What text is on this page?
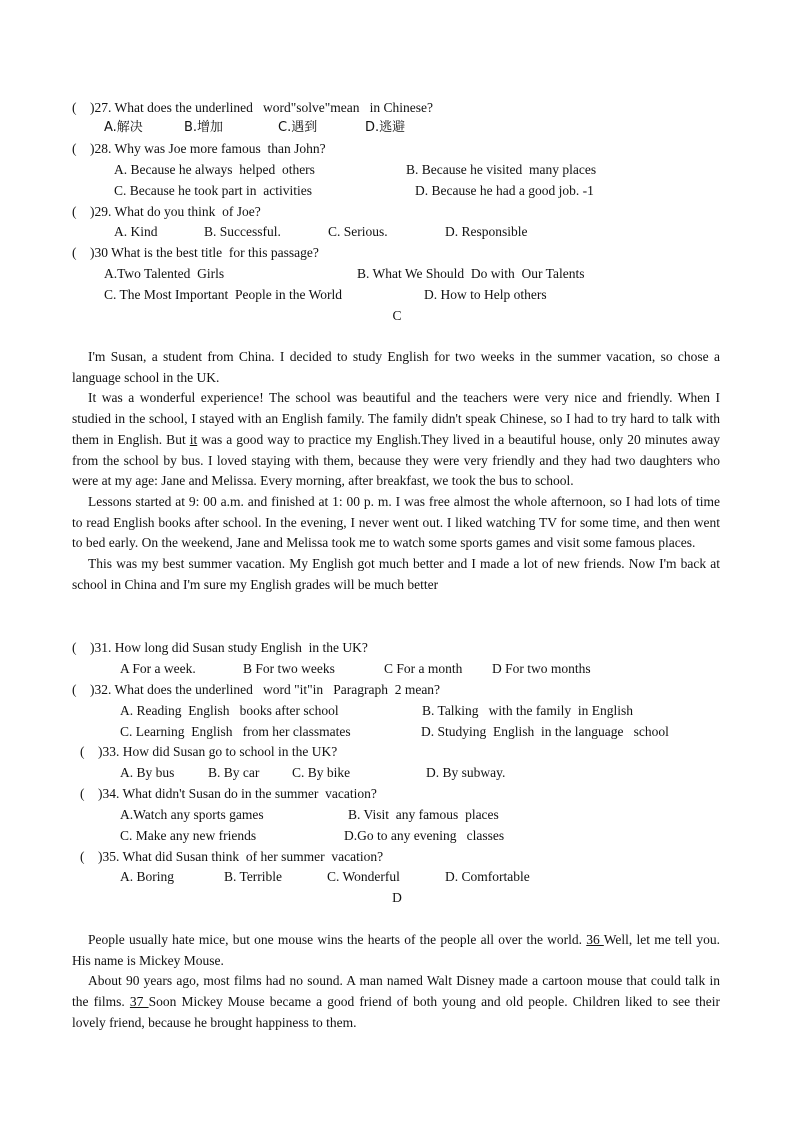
(    )27. What does the underlined   word"solve"mean   in Chinese?
A.解决	B.增加	C.遇到	D.逃避
(    )28. Why was Joe more famous  than John?
A. Because he always  helped  others	B. Because he visited  many places
C. Because he took part in  activities	D. Because he had a good job. -1
(    )29. What do you think  of Joe?
A. Kind	B. Successful.	C. Serious.	D. Responsible
(    )30 What is the best title  for this passage?
A.Two Talented  Girls	B. What We Should  Do with  Our Talents
C. The Most Important  People in the World	D. How to Help others
C

I'm Susan, a student from China. I decided to study English for two weeks in the summer vacation, so chose a language school in the UK.

It was a wonderful experience! The school was beautiful and the teachers were very nice and friendly. When I studied in the school, I stayed with an English family. The family didn't speak Chinese, so I had to try hard to talk with them in English. But it was a good way to practice my English.They lived in a beautiful house, only 20 minutes away from the school by bus. I loved staying with them, because they were very friendly and they had two daughters who were at my age: Jane and Melissa. Every morning, after breakfast, we took the bus to school.

Lessons started at 9: 00 a.m. and finished at 1: 00 p. m. I was free almost the whole afternoon, so I had lots of time to read English books after school. In the evening, I never went out. I liked watching TV for some time, and then went to bed early. On the weekend, Jane and Melissa took me to watch some sports games and visit some famous places.

This was my best summer vacation. My English got much better and I made a lot of new friends. Now I'm back at school in China and I'm sure my English grades will be much better

(    )31. How long did Susan study English  in the UK?
A For a week.	B For two weeks	C For a month D For two months
(    )32. What does the underlined   word "it"in   Paragraph  2 mean?
A. Reading  English   books after school	B. Talking   with the family  in English
C. Learning  English   from her classmates	D. Studying  English  in the language   school
(    )33. How did Susan go to school in the UK?
A. By bus B. By car C. By bike	D. By subway.
(    )34. What didn't Susan do in the summer  vacation?
A.Watch any sports games	B. Visit  any famous  places
C. Make any new friends	D.Go to any evening   classes
(    )35. What did Susan think  of her summer  vacation?
A. Boring	B. Terrible	C. Wonderful	D. Comfortable
D

People usually hate mice, but one mouse wins the hearts of the people all over the world. 36 Well, let me tell you. His name is Mickey Mouse.

About 90 years ago, most films had no sound. A man named Walt Disney made a cartoon mouse that could talk in the films. 37 Soon Mickey Mouse became a good friend of both young and old people. Children liked to see their lovely friend, because he brought happiness to them.
